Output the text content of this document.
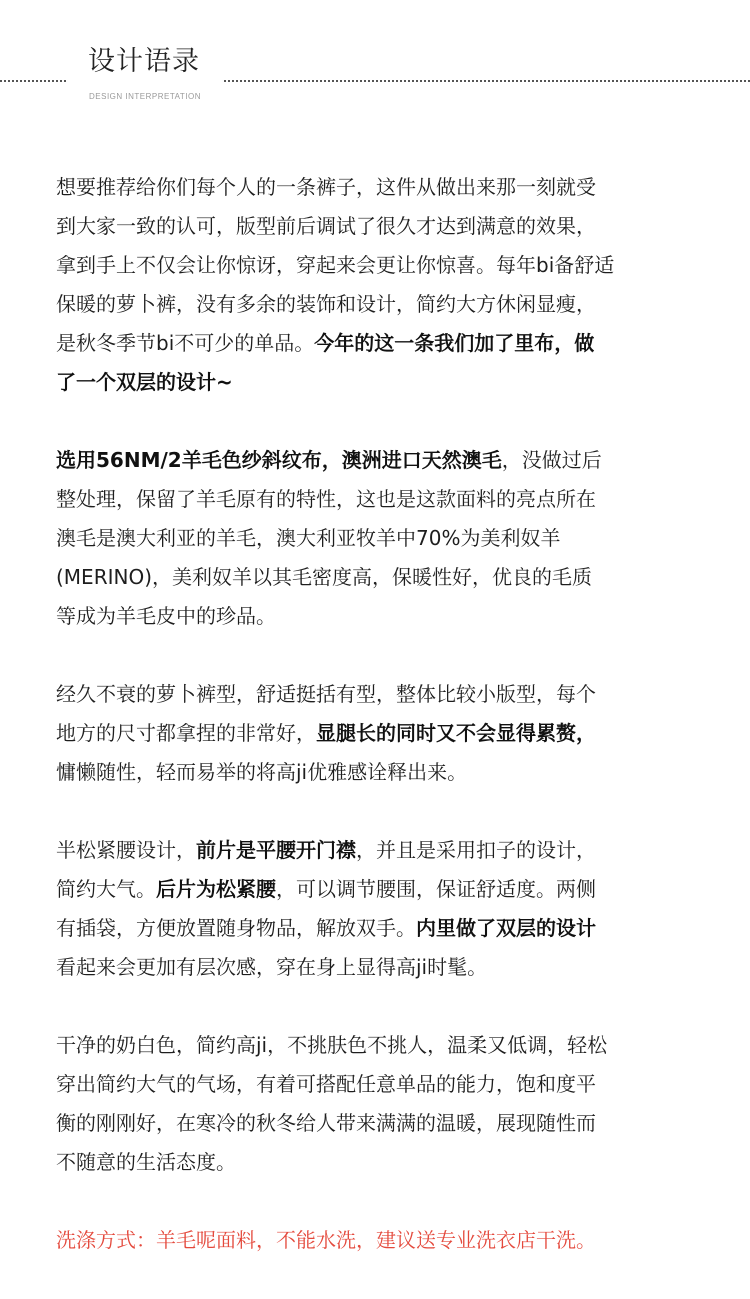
设计语录
DESIGN INTERPRETATION

想要推荐给你们每个人的一条裤子，这件从做出来那一刻就受
到大家一致的认可，版型前后调试了很久才达到满意的效果，
拿到手上不仅会让你惊讶，穿起来会更让你惊喜。每年bi备舒适
保暖的萝卜裤，没有多余的装饰和设计，简约大方休闲显瘦，
是秋冬季节bi不可少的单品。今年的这一条我们加了里布，做
了一个双层的设计~

选用56NM/2羊毛色纱斜纹布，澳洲进口天然澳毛，没做过后
整处理，保留了羊毛原有的特性，这也是这款面料的亮点所在
澳毛是澳大利亚的羊毛，澳大利亚牧羊中70%为美利奴羊
(MERINO)，美利奴羊以其毛密度高，保暖性好，优良的毛质
等成为羊毛皮中的珍品。

经久不衰的萝卜裤型，舒适挺括有型，整体比较小版型，每个
地方的尺寸都拿捏的非常好，显腿长的同时又不会显得累赘，
慵懒随性，轻而易举的将高ji优雅感诠释出来。

半松紧腰设计，前片是平腰开门襟，并且是采用扣子的设计，
简约大气。后片为松紧腰，可以调节腰围，保证舒适度。两侧
有插袋，方便放置随身物品，解放双手。内里做了双层的设计
看起来会更加有层次感，穿在身上显得高ji时髦。

干净的奶白色，简约高ji，不挑肤色不挑人，温柔又低调，轻松
穿出简约大气的气场，有着可搭配任意单品的能力，饱和度平
衡的刚刚好，在寒冷的秋冬给人带来满满的温暖，展现随性而
不随意的生活态度。

洗涤方式：羊毛呢面料，不能水洗，建议送专业洗衣店干洗。
